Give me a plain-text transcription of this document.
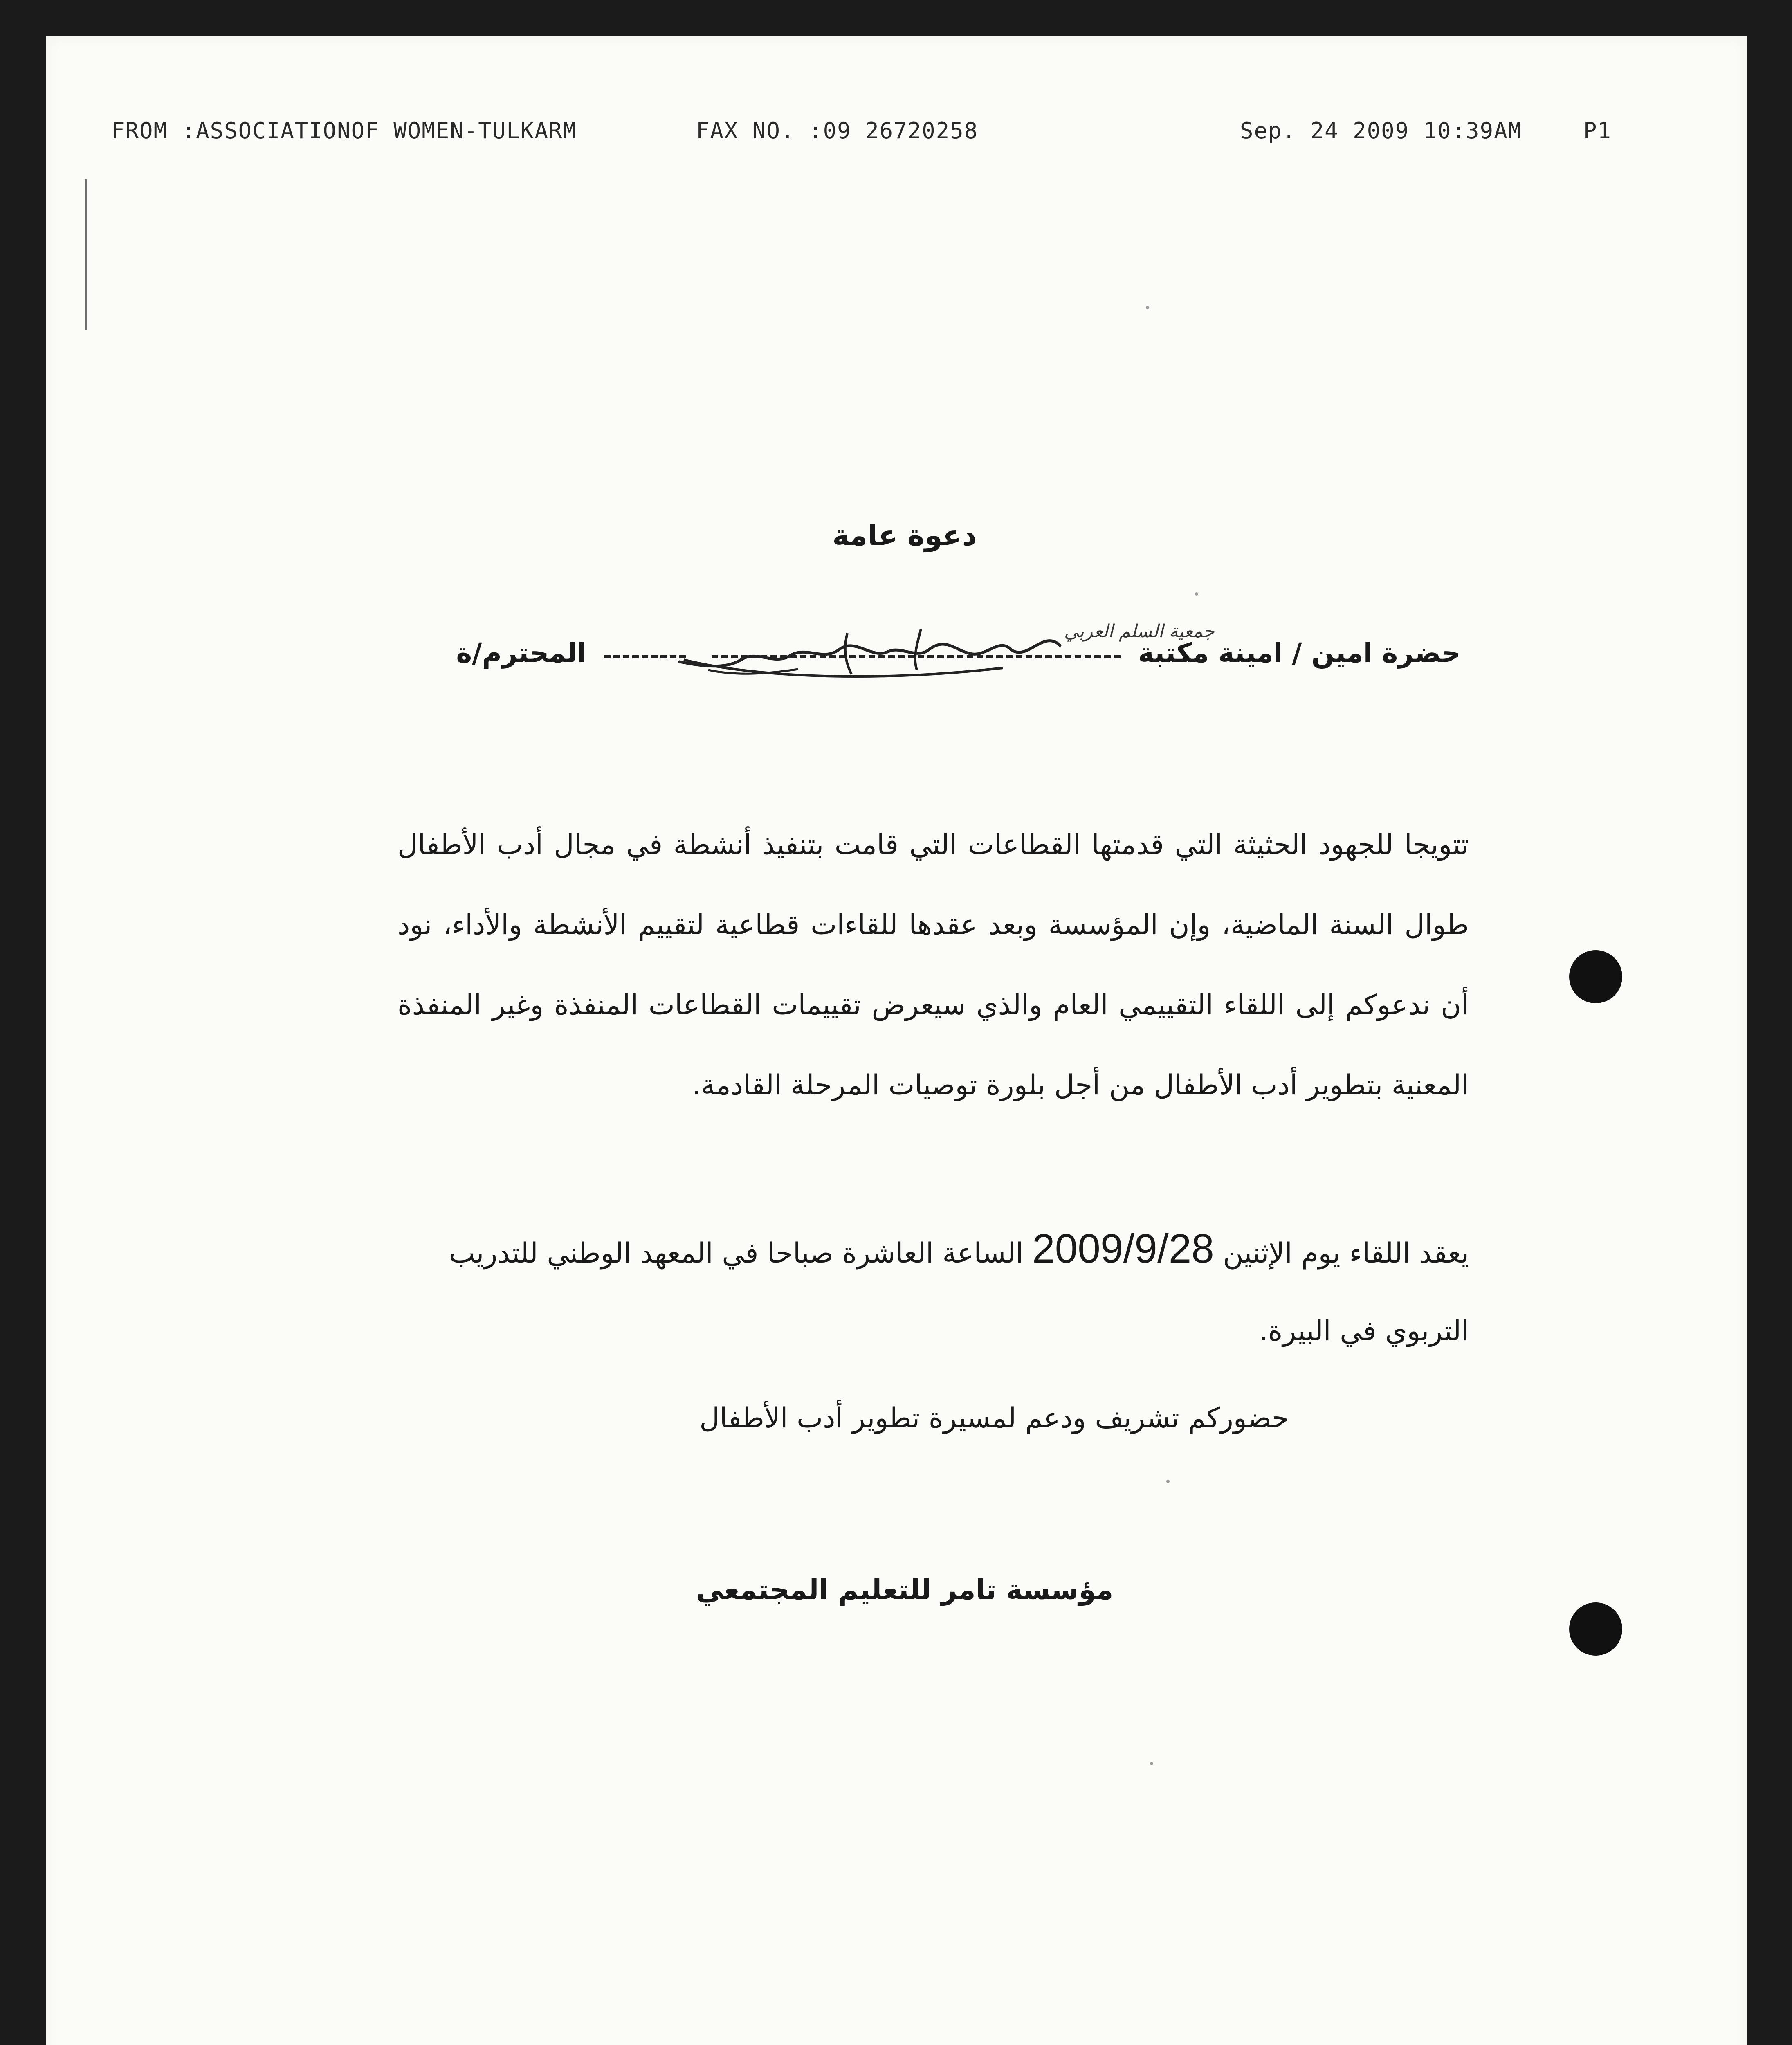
FROM :ASSOCIATIONOF WOMEN-TULKARM	FAX NO. :09 26720258	Sep. 24 2009 10:39AM	P1
دعوة عامة
حضرة امين / امينة مكتبة   المحترم/ة
جمعية السلم العربي
تتويجا للجهود الحثيثة التي قدمتها القطاعات التي قامت بتنفيذ أنشطة في مجال أدب الأطفال طوال السنة الماضية، وإن المؤسسة وبعد عقدها للقاءات قطاعية لتقييم الأنشطة والأداء، نود أن ندعوكم إلى اللقاء التقييمي العام والذي سيعرض تقييمات القطاعات المنفذة وغير المنفذة المعنية بتطوير أدب الأطفال من أجل بلورة توصيات المرحلة القادمة.
يعقد اللقاء يوم الإثنين 2009/9/28 الساعة العاشرة صباحا في المعهد الوطني للتدريب التربوي في البيرة.
حضوركم تشريف ودعم لمسيرة تطوير أدب الأطفال
مؤسسة تامر للتعليم المجتمعي
